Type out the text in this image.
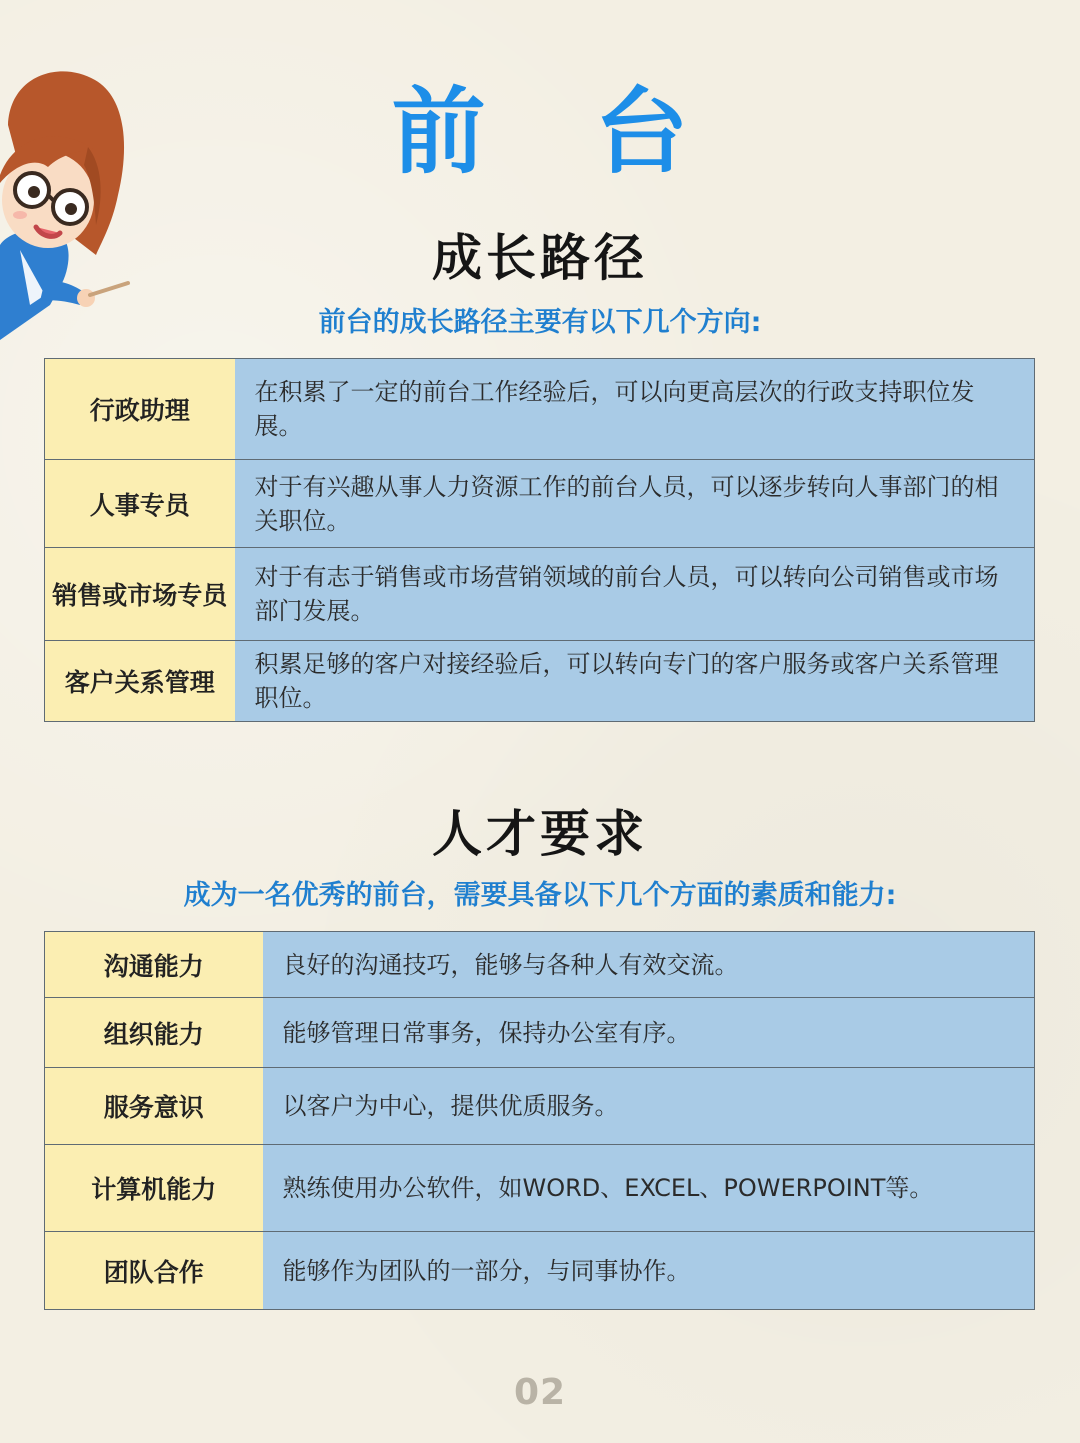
前 台
成长路径
前台的成长路径主要有以下几个方向:
行政助理	在积累了一定的前台工作经验后，可以向更高层次的行政支持职位发展。

人事专员	对于有兴趣从事人力资源工作的前台人员，可以逐步转向人事部门的相关职位。

销售或市场专员	对于有志于销售或市场营销领域的前台人员，可以转向公司销售或市场部门发展。

客户关系管理	积累足够的客户对接经验后，可以转向专门的客户服务或客户关系管理职位。
人才要求
成为一名优秀的前台，需要具备以下几个方面的素质和能力:
沟通能力	良好的沟通技巧，能够与各种人有效交流。

组织能力	能够管理日常事务，保持办公室有序。

服务意识	以客户为中心，提供优质服务。

计算机能力	熟练使用办公软件，如WORD、EXCEL、POWERPOINT等。

团队合作	能够作为团队的一部分，与同事协作。
02
